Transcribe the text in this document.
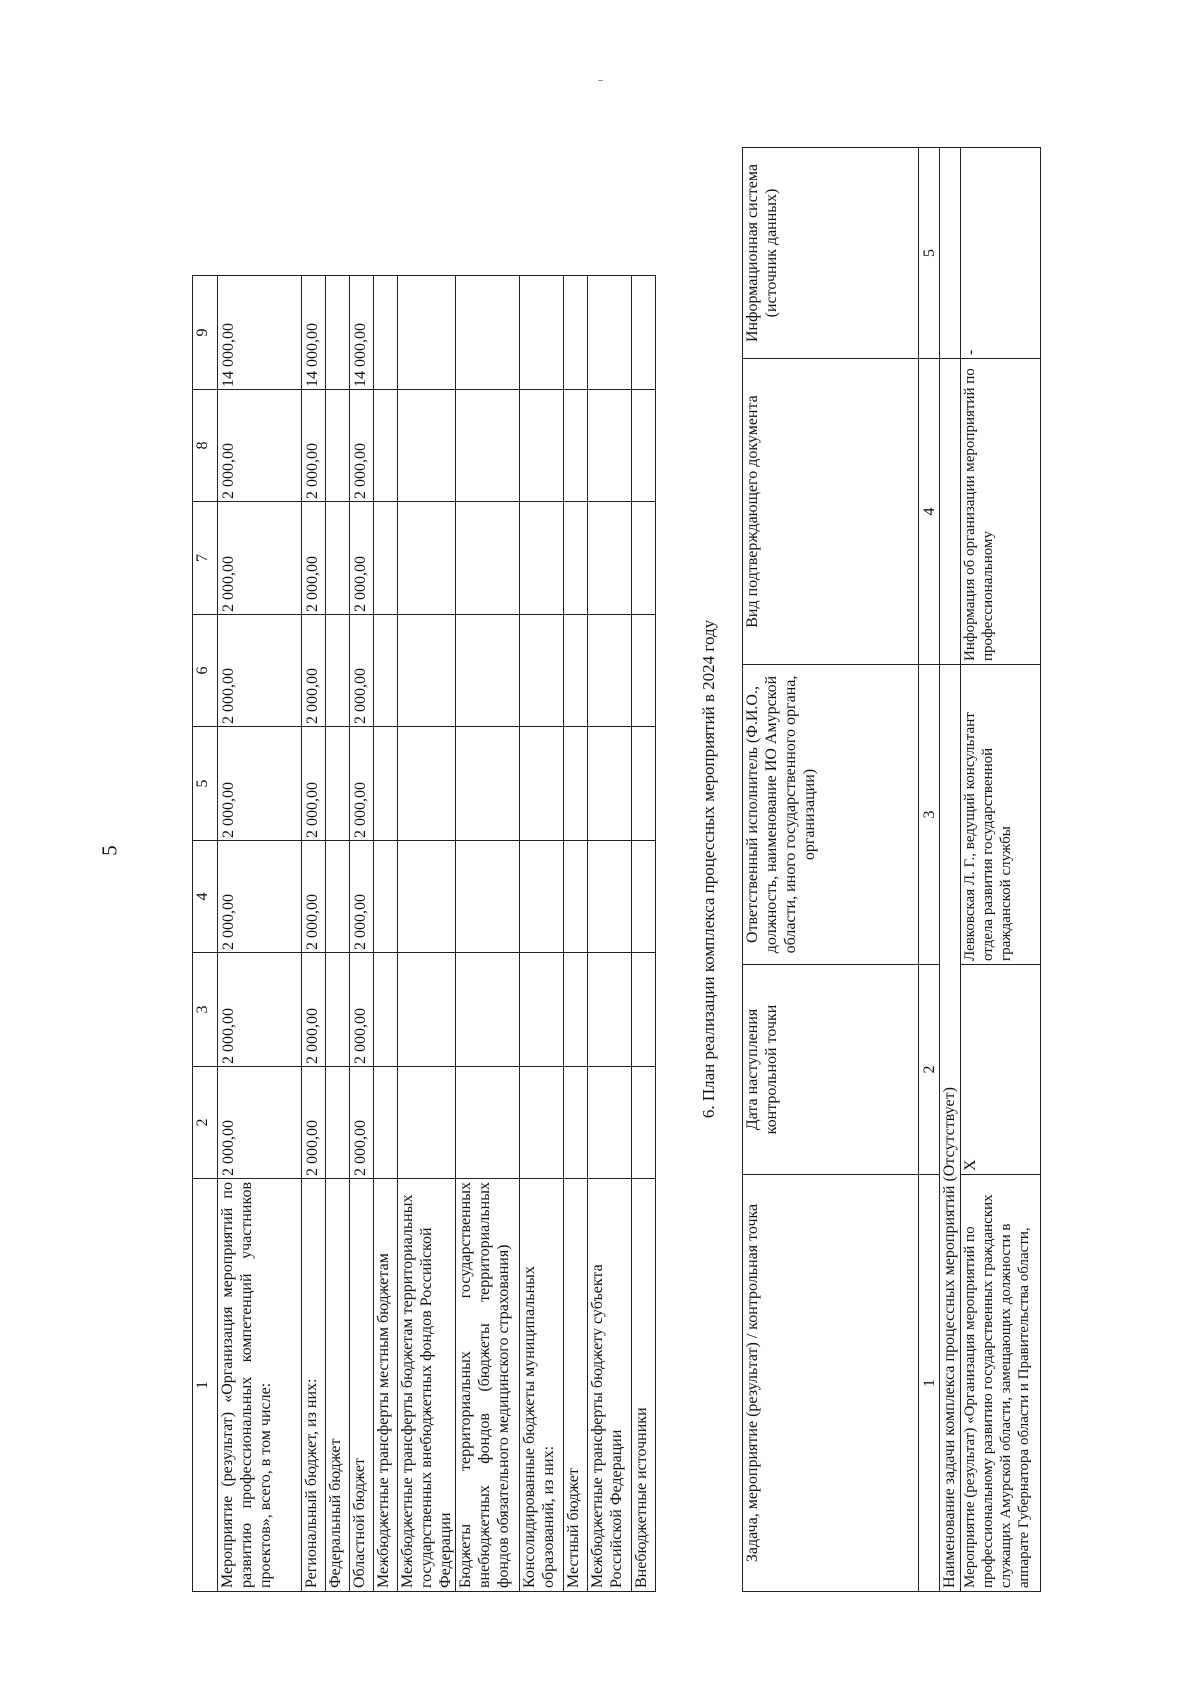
5
1	2	3	4	5	6	7	8	9
Мероприятие (результат) «Организация мероприятий по развитию профессиональных компетенций участников проектов», всего, в том числе:	2 000,00	2 000,00	2 000,00	2 000,00	2 000,00	2 000,00	2 000,00	14 000,00
Региональный бюджет, из них:	2 000,00	2 000,00	2 000,00	2 000,00	2 000,00	2 000,00	2 000,00	14 000,00
Федеральный бюджет								
Областной бюджет	2 000,00	2 000,00	2 000,00	2 000,00	2 000,00	2 000,00	2 000,00	14 000,00
Межбюджетные трансферты местным бюджетам								
Межбюджетные трансферты бюджетам территориальных государственных внебюджетных фондов Российской Федерации								
Бюджеты территориальных государственных внебюджетных фондов (бюджеты территориальных фондов обязательного медицинского страхования)								
Консолидированные бюджеты муниципальных образований, из них:								
Местный бюджет								
Межбюджетные трансферты бюджету субъекта Российской Федерации								
Внебюджетные источники								
6. План реализации комплекса процессных мероприятий в 2024 году
Задача, мероприятие (результат) / контрольная точка	Дата наступления контрольной точки	Ответственный исполнитель (Ф.И.О., должность, наименование ИО Амурской области, иного государственного органа, организации)	Вид подтверждающего документа	Информационная система (источник данных)
1	2	3	4	5
Наименование задачи комплекса процессных мероприятий (Отсутствует)				
Мероприятие (результат) «Организация мероприятий по профессиональному развитию государственных гражданских служащих Амурской области, замещающих должности в аппарате Губернатора области и Правительства области,	X	Левковская Л. Г., ведущий консультант отдела развития государственной гражданской службы	Информация об организации мероприятий по профессиональному	-
